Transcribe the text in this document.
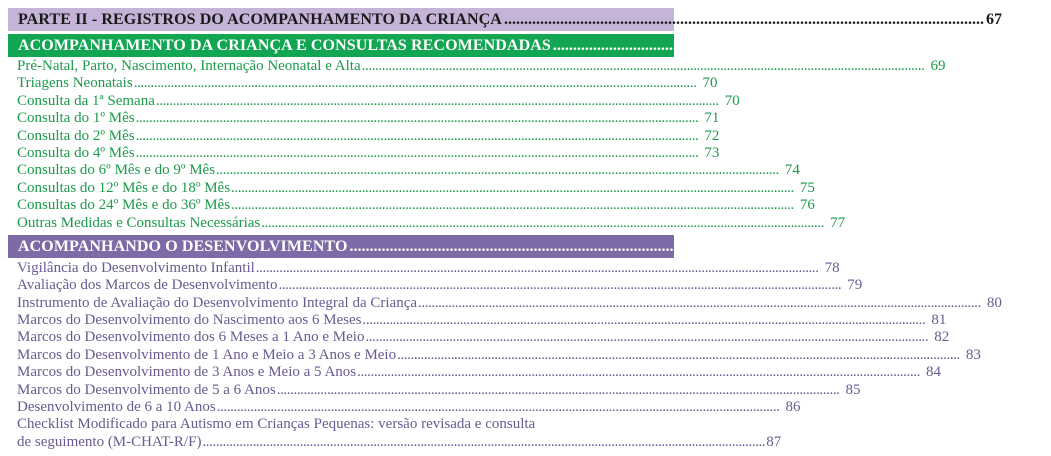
PARTE II - REGISTROS DO ACOMPANHAMENTO DA CRIANÇA ........................................................................................................................ 67
ACOMPANHAMENTO DA CRIANÇA E CONSULTAS RECOMENDADAS ........................................................................................................................ 68
Pré-Natal, Parto, Nascimento, Internação Neonatal e Alta ........................................................................................................................................................................ 69
Triagens Neonatais ........................................................................................................................................................................ 70
Consulta da 1ª Semana ........................................................................................................................................................................ 70
Consulta do 1º Mês ........................................................................................................................................................................ 71
Consulta do 2º Mês ........................................................................................................................................................................ 72
Consulta do 4º Mês ........................................................................................................................................................................ 73
Consultas do 6º Mês e do 9º Mês ........................................................................................................................................................................ 74
Consultas do 12º Mês e do 18º Mês ........................................................................................................................................................................ 75
Consultas do 24º Mês e do 36º Mês ........................................................................................................................................................................ 76
Outras Medidas e Consultas Necessárias ........................................................................................................................................................................ 77
ACOMPANHANDO O DESENVOLVIMENTO ........................................................................................................................ 78
Vigilância do Desenvolvimento Infantil ........................................................................................................................................................................ 78
Avaliação dos Marcos de Desenvolvimento ........................................................................................................................................................................ 79
Instrumento de Avaliação do Desenvolvimento Integral da Criança ........................................................................................................................................................................ 80
Marcos do Desenvolvimento do Nascimento aos 6 Meses ........................................................................................................................................................................ 81
Marcos do Desenvolvimento dos 6 Meses a 1 Ano e Meio ........................................................................................................................................................................ 82
Marcos do Desenvolvimento de 1 Ano e Meio a 3 Anos e Meio ........................................................................................................................................................................ 83
Marcos do Desenvolvimento de 3 Anos e Meio a 5 Anos ........................................................................................................................................................................ 84
Marcos do Desenvolvimento de 5 a 6 Anos ........................................................................................................................................................................ 85
Desenvolvimento de 6 a 10 Anos ........................................................................................................................................................................ 86
Checklist Modificado para Autismo em Crianças Pequenas: versão revisada e consulta
de seguimento (M-CHAT-R/F) ........................................................................................................................................................................ 87
